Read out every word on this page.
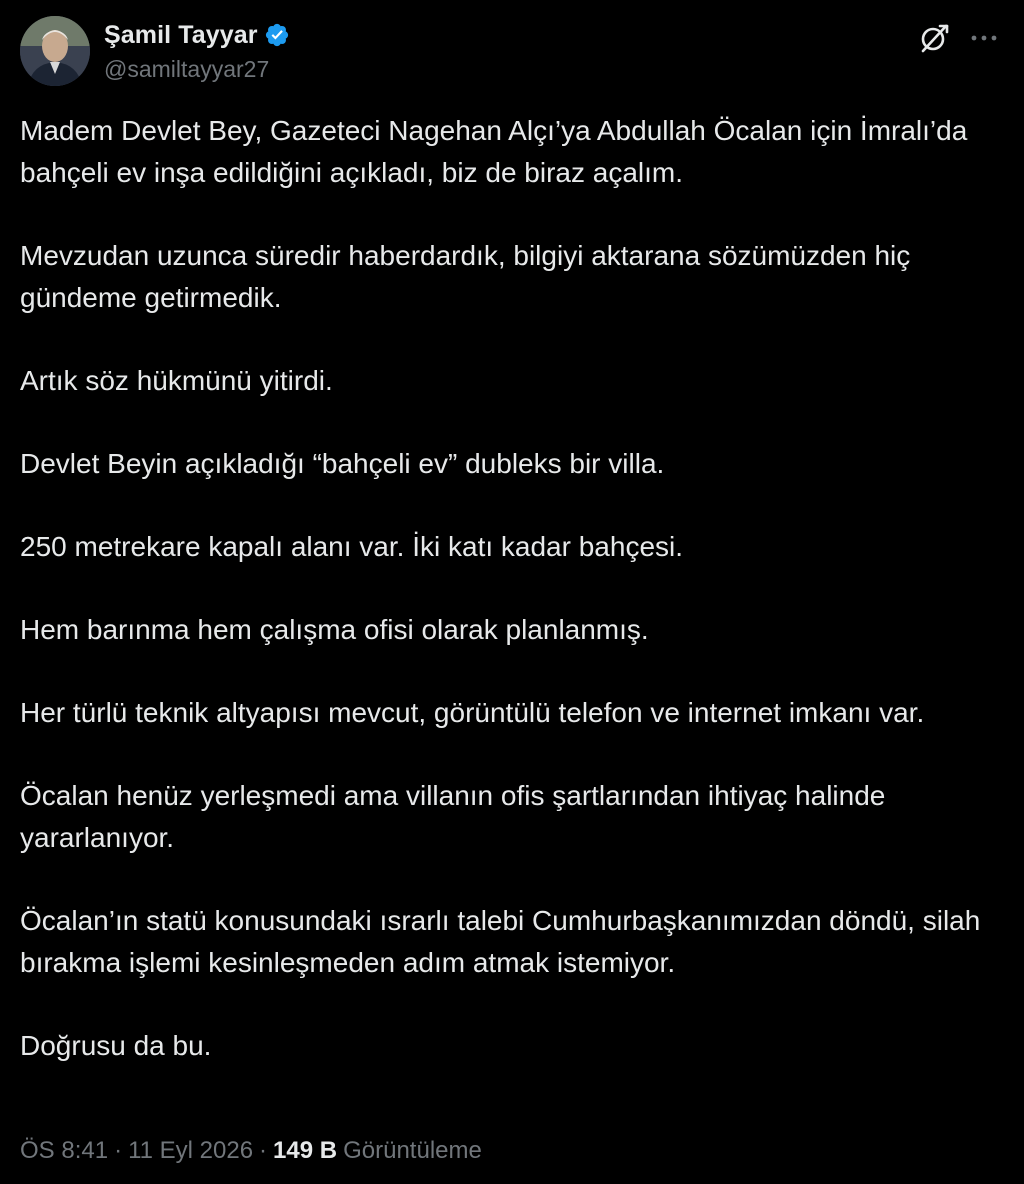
Şamil Tayyar
@samiltayyar27

Madem Devlet Bey, Gazeteci Nagehan Alçı’ya Abdullah Öcalan için İmralı’da bahçeli ev inşa edildiğini açıkladı, biz de biraz açalım.

Mevzudan uzunca süredir haberdardık, bilgiyi aktarana sözümüzden hiç gündeme getirmedik.

Artık söz hükmünü yitirdi.

Devlet Beyin açıkladığı “bahçeli ev” dubleks bir villa.

250 metrekare kapalı alanı var. İki katı kadar bahçesi.

Hem barınma hem çalışma ofisi olarak planlanmış.

Her türlü teknik altyapısı mevcut, görüntülü telefon ve internet imkanı var.

Öcalan henüz yerleşmedi ama villanın ofis şartlarından ihtiyaç halinde yararlanıyor.

Öcalan’ın statü konusundaki ısrarlı talebi Cumhurbaşkanımızdan döndü, silah bırakma işlemi kesinleşmeden adım atmak istemiyor.

Doğrusu da bu.

ÖS 8:41 · 11 Eyl 2026 · 149 B Görüntüleme
